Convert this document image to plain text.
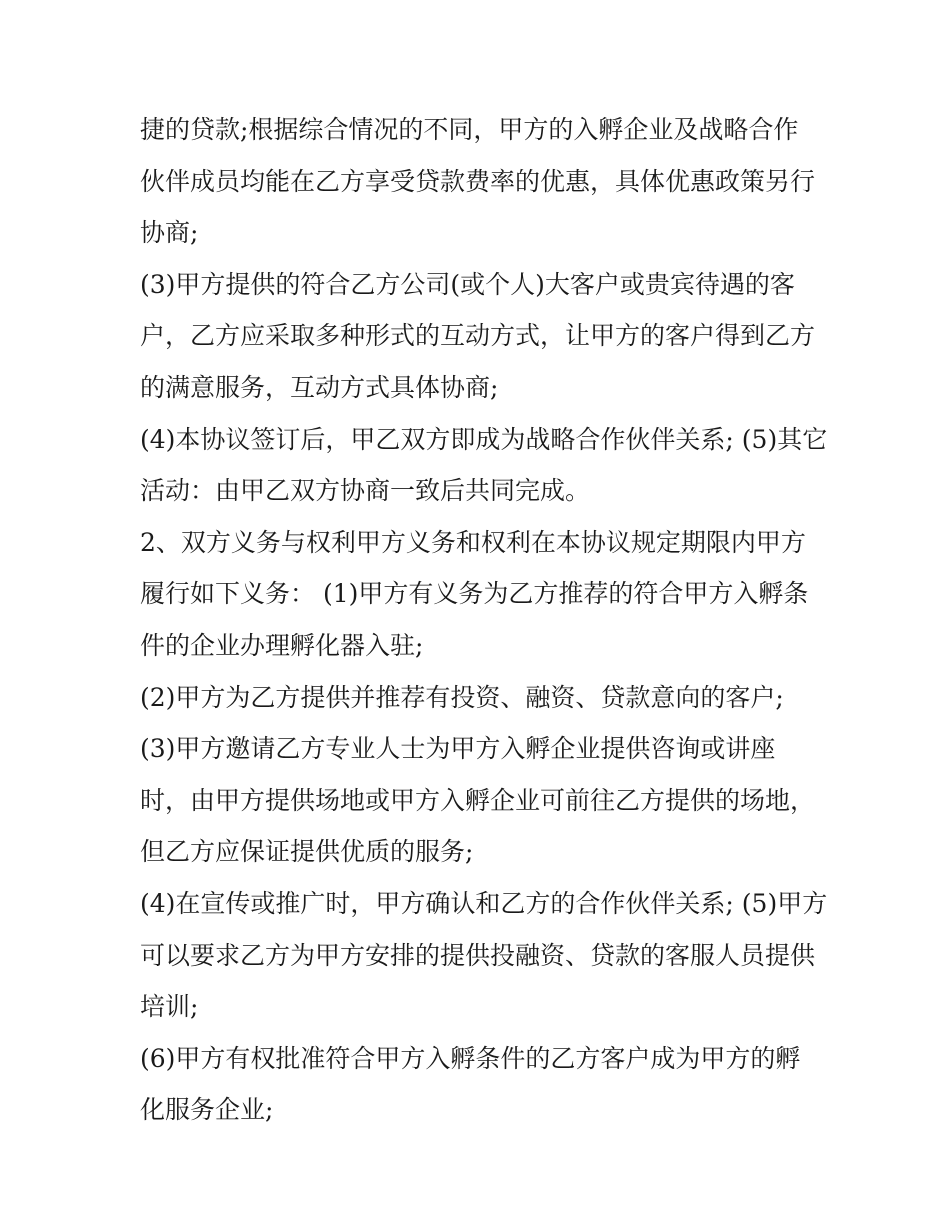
捷的贷款;根据综合情况的不同，甲方的入孵企业及战略合作
伙伴成员均能在乙方享受贷款费率的优惠，具体优惠政策另行
协商;
(3)甲方提供的符合乙方公司(或个人)大客户或贵宾待遇的客
户，乙方应采取多种形式的互动方式，让甲方的客户得到乙方
的满意服务，互动方式具体协商;
(4)本协议签订后，甲乙双方即成为战略合作伙伴关系; (5)其它
活动：由甲乙双方协商一致后共同完成。
2、双方义务与权利甲方义务和权利在本协议规定期限内甲方
履行如下义务： (1)甲方有义务为乙方推荐的符合甲方入孵条
件的企业办理孵化器入驻;
(2)甲方为乙方提供并推荐有投资、融资、贷款意向的客户;
(3)甲方邀请乙方专业人士为甲方入孵企业提供咨询或讲座
时，由甲方提供场地或甲方入孵企业可前往乙方提供的场地，
但乙方应保证提供优质的服务;
(4)在宣传或推广时，甲方确认和乙方的合作伙伴关系; (5)甲方
可以要求乙方为甲方安排的提供投融资、贷款的客服人员提供
培训;
(6)甲方有权批准符合甲方入孵条件的乙方客户成为甲方的孵
化服务企业;
